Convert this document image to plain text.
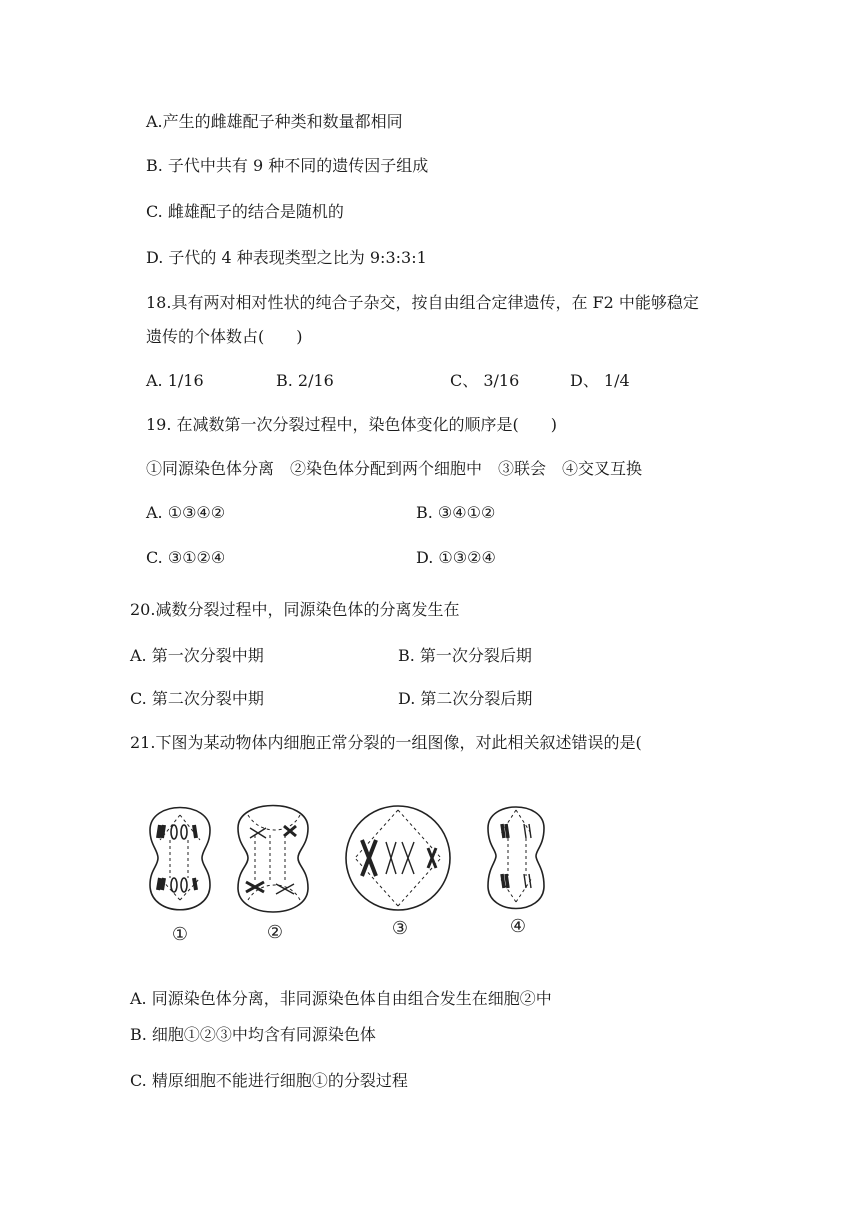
A.产生的雌雄配子种类和数量都相同
B. 子代中共有 9 种不同的遗传因子组成
C. 雌雄配子的结合是随机的
D. 子代的 4 种表现类型之比为 9:3:3:1
18.具有两对相对性状的纯合子杂交，按自由组合定律遗传，在 F2 中能够稳定
遗传的个体数占(　　)
A. 1/16	B. 2/16	C、 3/16	D、 1/4
19. 在减数第一次分裂过程中，染色体变化的顺序是(　　)
①同源染色体分离　②染色体分配到两个细胞中　③联会　④交叉互换
A. ①③④②	B. ③④①②
C. ③①②④	D. ①③②④
20.减数分裂过程中，同源染色体的分离发生在
A. 第一次分裂中期	B. 第一次分裂后期
C. 第二次分裂中期	D. 第二次分裂后期
21.下图为某动物体内细胞正常分裂的一组图像，对此相关叙述错误的是(
①	②	③	④
A. 同源染色体分离，非同源染色体自由组合发生在细胞②中
B. 细胞①②③中均含有同源染色体
C. 精原细胞不能进行细胞①的分裂过程
